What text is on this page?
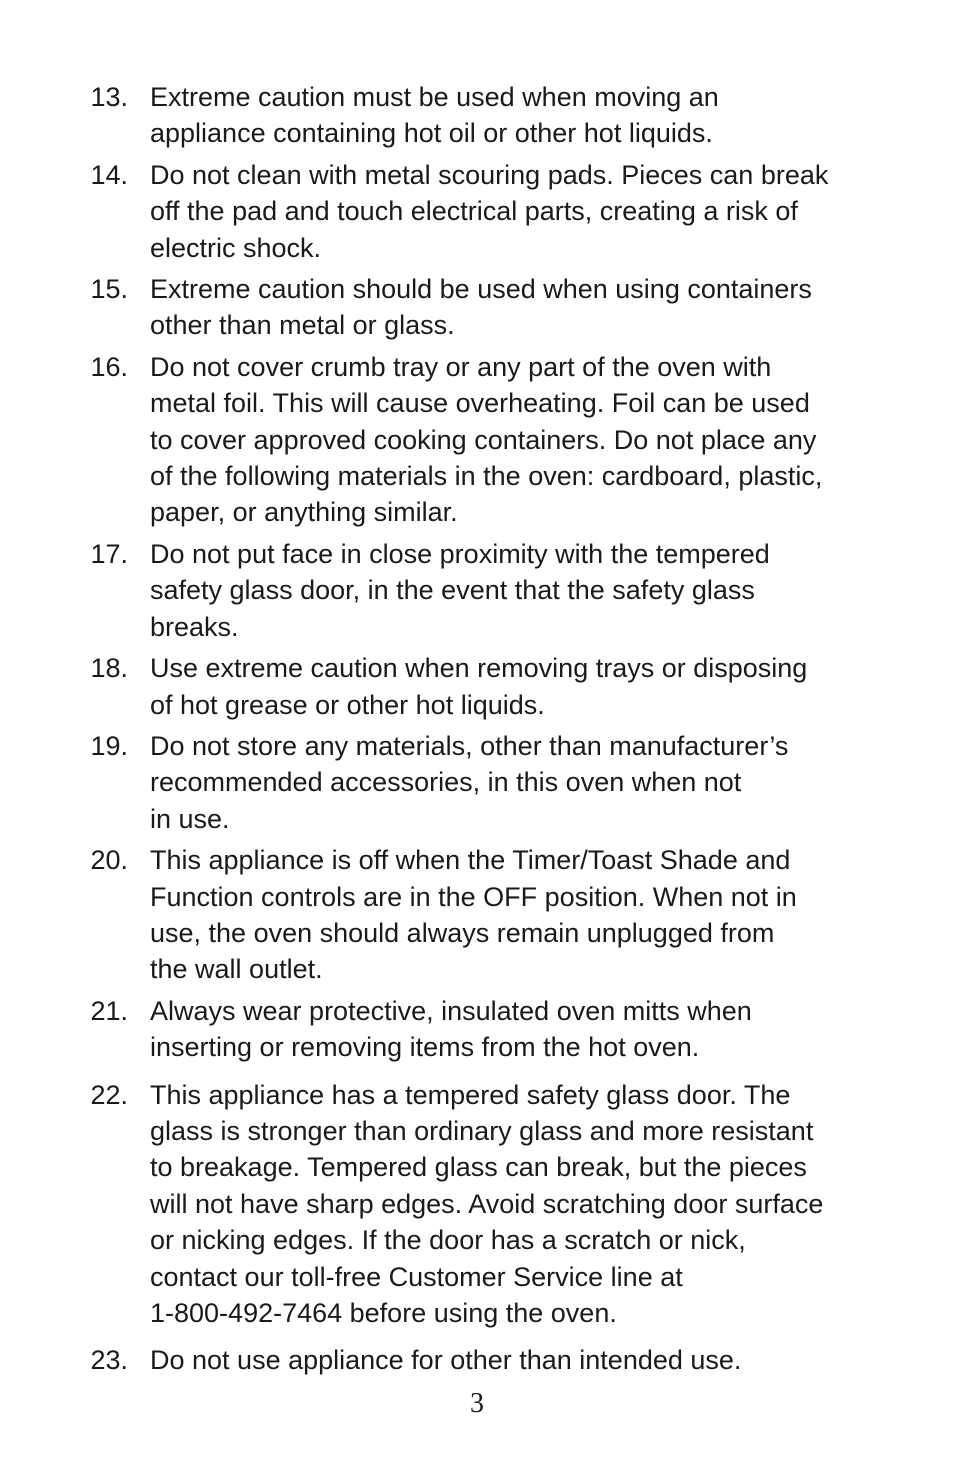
13. Extreme caution must be used when moving an
appliance containing hot oil or other hot liquids.
14. Do not clean with metal scouring pads. Pieces can break
off the pad and touch electrical parts, creating a risk of
electric shock.
15. Extreme caution should be used when using containers
other than metal or glass.
16. Do not cover crumb tray or any part of the oven with
metal foil. This will cause overheating. Foil can be used
to cover approved cooking containers. Do not place any
of the following materials in the oven: cardboard, plastic,
paper, or anything similar.
17. Do not put face in close proximity with the tempered
safety glass door, in the event that the safety glass
breaks.
18. Use extreme caution when removing trays or disposing
of hot grease or other hot liquids.
19. Do not store any materials, other than manufacturer’s
recommended accessories, in this oven when not
in use.
20. This appliance is off when the Timer/Toast Shade and
Function controls are in the OFF position. When not in
use, the oven should always remain unplugged from
the wall outlet.
21. Always wear protective, insulated oven mitts when
inserting or removing items from the hot oven.
22. This appliance has a tempered safety glass door. The
glass is stronger than ordinary glass and more resistant
to breakage. Tempered glass can break, but the pieces
will not have sharp edges. Avoid scratching door surface
or nicking edges. If the door has a scratch or nick,
contact our toll-free Customer Service line at
1-800-492-7464 before using the oven.
23. Do not use appliance for other than intended use.
3
